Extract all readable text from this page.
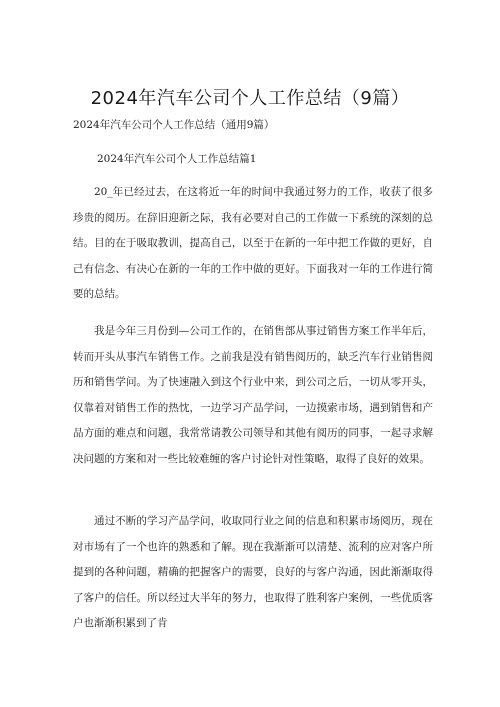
2024年汽车公司个人工作总结（9篇）

2024年汽车公司个人工作总结（通用9篇）

2024年汽车公司个人工作总结篇1

20_年已经过去，在这将近一年的时间中我通过努力的工作，收获了很多珍贵的阅历。在辞旧迎新之际，我有必要对自己的工作做一下系统的深刻的总结。目的在于吸取教训，提高自己，以至于在新的一年中把工作做的更好，自己有信念、有决心在新的一年的工作中做的更好。下面我对一年的工作进行简要的总结。

我是今年三月份到—公司工作的，在销售部从事过销售方案工作半年后，转而开头从事汽车销售工作。之前我是没有销售阅历的，缺乏汽车行业销售阅历和销售学问。为了快速融入到这个行业中来，到公司之后，一切从零开头，仅靠着对销售工作的热忱，一边学习产品学问，一边摸索市场，遇到销售和产品方面的难点和问题，我常常请教公司领导和其他有阅历的同事，一起寻求解决问题的方案和对一些比较难缠的客户讨论针对性策略，取得了良好的效果。

通过不断的学习产品学问，收取同行业之间的信息和积累市场阅历，现在对市场有了一个也许的熟悉和了解。现在我渐渐可以清楚、流利的应对客户所提到的各种问题，精确的把握客户的需要，良好的与客户沟通，因此渐渐取得了客户的信任。所以经过大半年的努力，也取得了胜利客户案例，一些优质客户也渐渐积累到了肯
